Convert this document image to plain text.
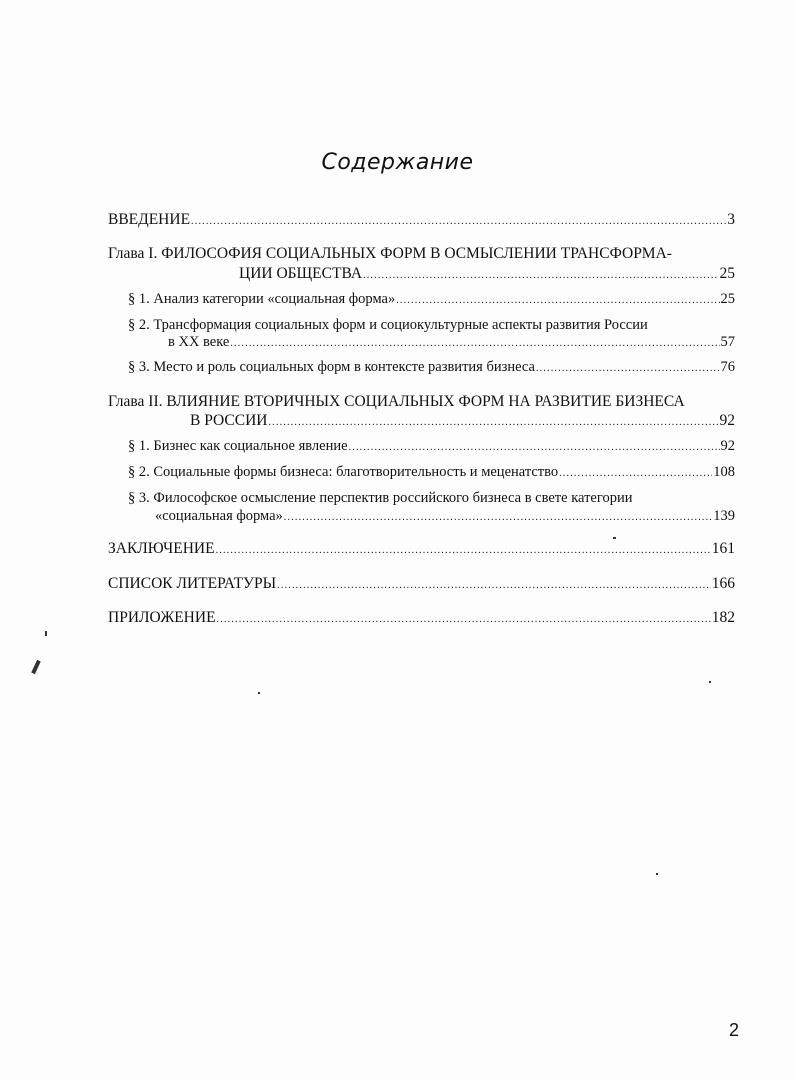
Содержание
ВВЕДЕНИЕ .....	3
Глава I. ФИЛОСОФИЯ СОЦИАЛЬНЫХ ФОРМ В ОСМЫСЛЕНИИ ТРАНСФОРМА-
ЦИИ ОБЩЕСТВА .....	25
§ 1. Анализ категории «социальная форма» .....	25
§ 2. Трансформация социальных форм и социокультурные аспекты развития России
в XX веке .....	57
§ 3. Место и роль социальных форм в контексте развития бизнеса .....	76
Глава II. ВЛИЯНИЕ ВТОРИЧНЫХ СОЦИАЛЬНЫХ ФОРМ НА РАЗВИТИЕ БИЗНЕСА
В РОССИИ .....	92
§ 1. Бизнес как социальное явление .....	92
§ 2. Социальные формы бизнеса: благотворительность и меценатство .....	108
§ 3. Философское осмысление перспектив российского бизнеса в свете категории
«социальная форма» .....	139
ЗАКЛЮЧЕНИЕ .....	161
СПИСОК ЛИТЕРАТУРЫ .....	166
ПРИЛОЖЕНИЕ .....	182
2
